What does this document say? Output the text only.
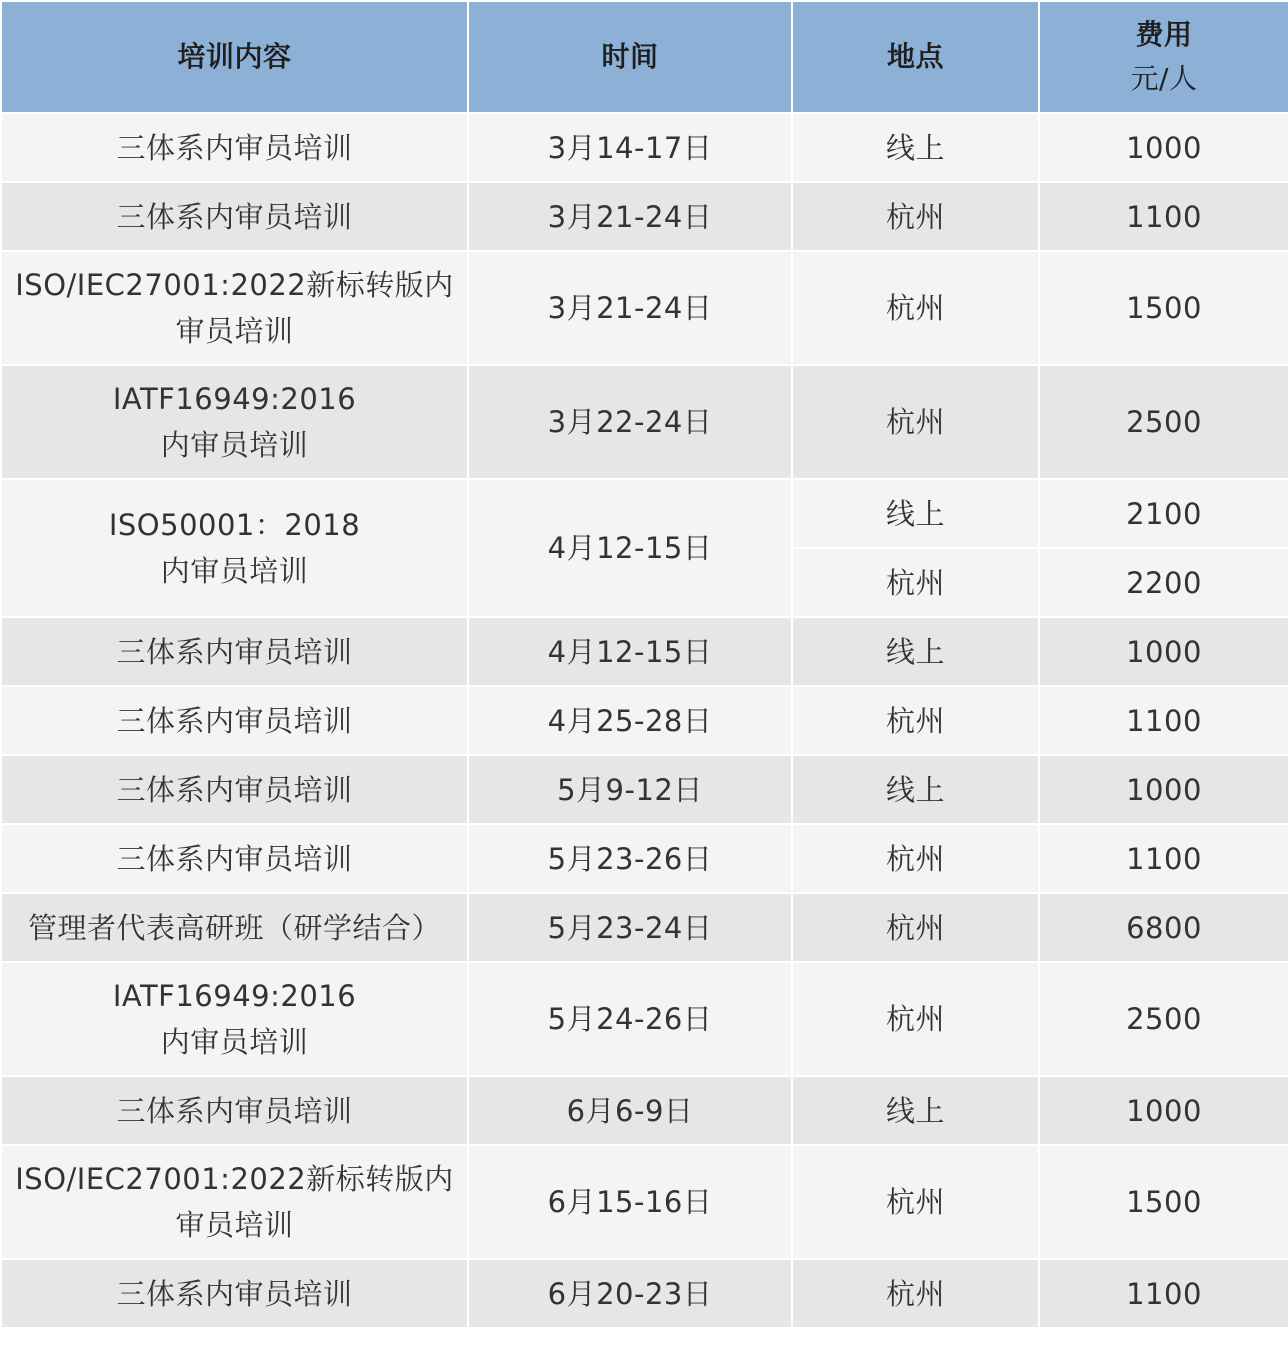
培训内容	时间	地点	费用
元/人

三体系内审员培训	3月14-17日	线上	1000

三体系内审员培训	3月21-24日	杭州	1100

ISO/IEC27001:2022新标转版内
审员培训	3月21-24日	杭州	1500

IATF16949:2016
内审员培训	3月22-24日	杭州	2500

ISO50001：2018
内审员培训	4月12-15日	线上	2100
		杭州	2200

三体系内审员培训	4月12-15日	线上	1000

三体系内审员培训	4月25-28日	杭州	1100

三体系内审员培训	5月9-12日	线上	1000

三体系内审员培训	5月23-26日	杭州	1100

管理者代表高研班（研学结合）	5月23-24日	杭州	6800

IATF16949:2016
内审员培训	5月24-26日	杭州	2500

三体系内审员培训	6月6-9日	线上	1000

ISO/IEC27001:2022新标转版内
审员培训	6月15-16日	杭州	1500

三体系内审员培训	6月20-23日	杭州	1100
